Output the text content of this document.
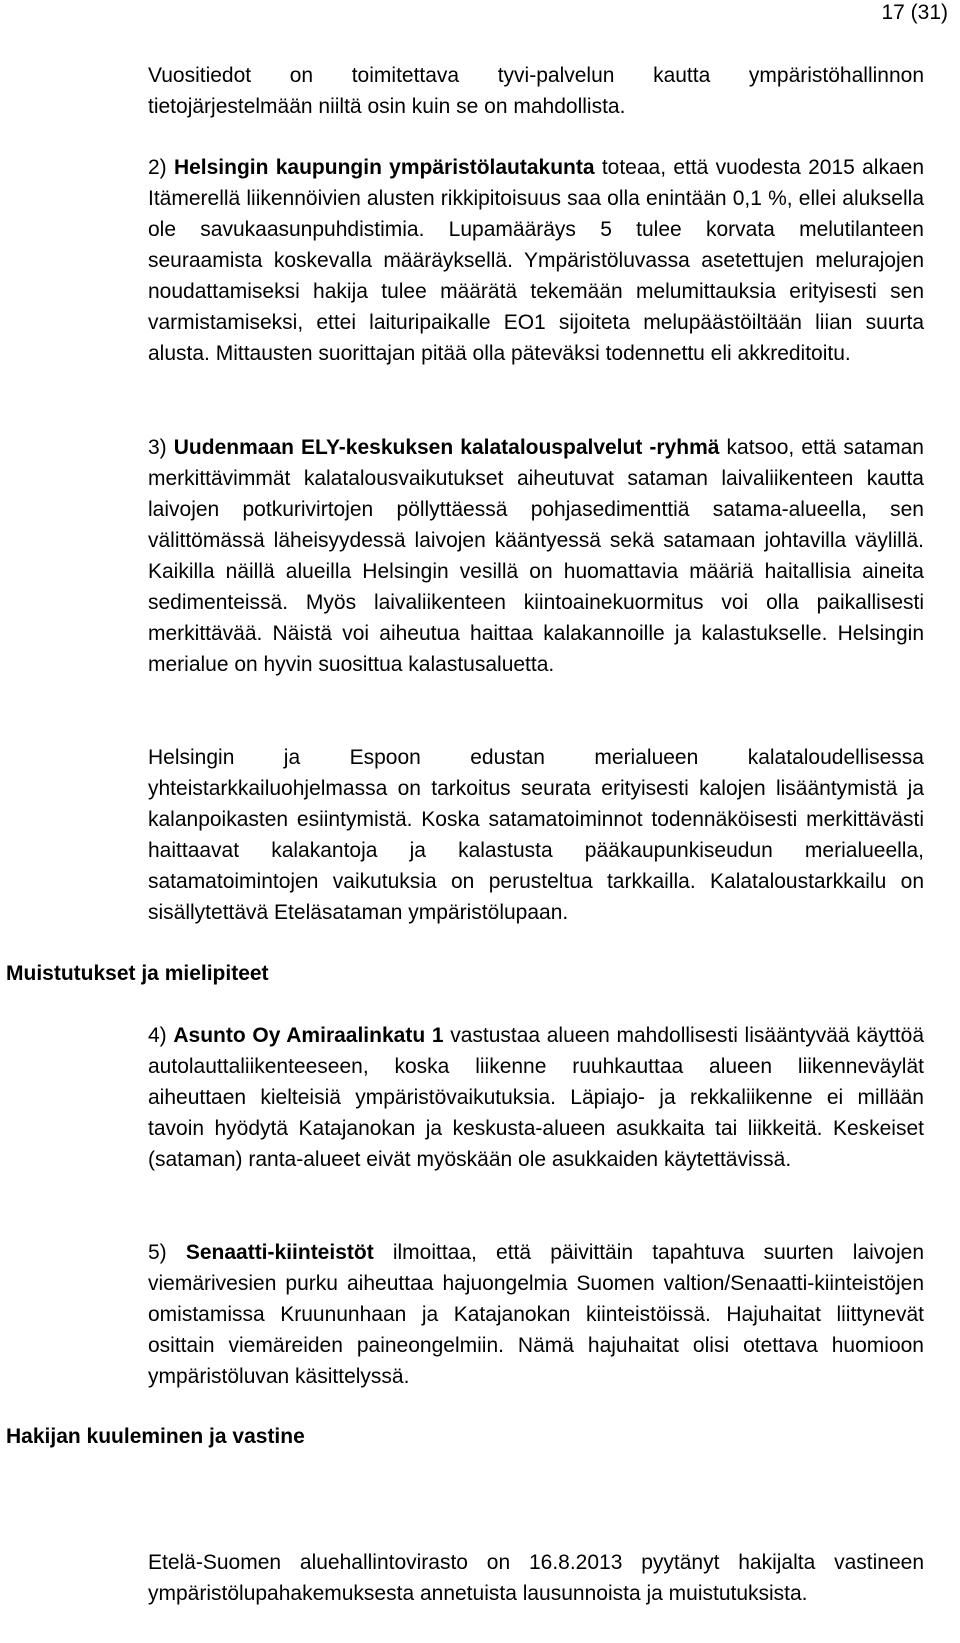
17 (31)

Vuositiedot on toimitettava tyvi-palvelun kautta ympäristöhallinnon tietojärjestelmään niiltä osin kuin se on mahdollista.

2) Helsingin kaupungin ympäristölautakunta toteaa, että vuodesta 2015 alkaen Itämerellä liikennöivien alusten rikkipitoisuus saa olla enintään 0,1 %, ellei aluksella ole savukaasunpuhdistimia. Lupamääräys 5 tulee korvata melutilanteen seuraamista koskevalla määräyksellä. Ympäristöluvassa asetettujen melurajojen noudattamiseksi hakija tulee määrätä tekemään melumittauksia erityisesti sen varmistamiseksi, ettei laituripaikalle EO1 sijoiteta melupäästöiltään liian suurta alusta. Mittausten suorittajan pitää olla päteväksi todennettu eli akkreditoitu.

3) Uudenmaan ELY-keskuksen kalatalouspalvelut -ryhmä katsoo, että sataman merkittävimmät kalatalousvaikutukset aiheutuvat sataman laivaliikenteen kautta laivojen potkurivirtojen pöllyttäessä pohjasedimenttiä satama-alueella, sen välittömässä läheisyydessä laivojen kääntyessä sekä satamaan johtavilla väylillä. Kaikilla näillä alueilla Helsingin vesillä on huomattavia määriä haitallisia aineita sedimenteissä. Myös laivaliikenteen kiintoainekuormitus voi olla paikallisesti merkittävää. Näistä voi aiheutua haittaa kalakannoille ja kalastukselle. Helsingin merialue on hyvin suosittua kalastusaluetta.

Helsingin ja Espoon edustan merialueen kalataloudellisessa yhteistarkkailuohjelmassa on tarkoitus seurata erityisesti kalojen lisääntymistä ja kalanpoikasten esiintymistä. Koska satamatoiminnot todennäköisesti merkittävästi haittaavat kalakantoja ja kalastusta pääkaupunkiseudun merialueella, satamatoimintojen vaikutuksia on perusteltua tarkkailla. Kalataloustarkkailu on sisällytettävä Eteläsataman ympäristölupaan.

Muistutukset ja mielipiteet

4) Asunto Oy Amiraalinkatu 1 vastustaa alueen mahdollisesti lisääntyvää käyttöä autolauttaliikenteeseen, koska liikenne ruuhkauttaa alueen liikenneväylät aiheuttaen kielteisiä ympäristövaikutuksia. Läpiajo- ja rekkaliikenne ei millään tavoin hyödytä Katajanokan ja keskusta-alueen asukkaita tai liikkeitä. Keskeiset (sataman) ranta-alueet eivät myöskään ole asukkaiden käytettävissä.

5) Senaatti-kiinteistöt ilmoittaa, että päivittäin tapahtuva suurten laivojen viemärivesien purku aiheuttaa hajuongelmia Suomen valtion/Senaatti-kiinteistöjen omistamissa Kruununhaan ja Katajanokan kiinteistöissä. Hajuhaitat liittynevät osittain viemäreiden paineongelmiin. Nämä hajuhaitat olisi otettava huomioon ympäristöluvan käsittelyssä.

Hakijan kuuleminen ja vastine

Etelä-Suomen aluehallintovirasto on 16.8.2013 pyytänyt hakijalta vastineen ympäristölupahakemuksesta annetuista lausunnoista ja muistutuksista.
